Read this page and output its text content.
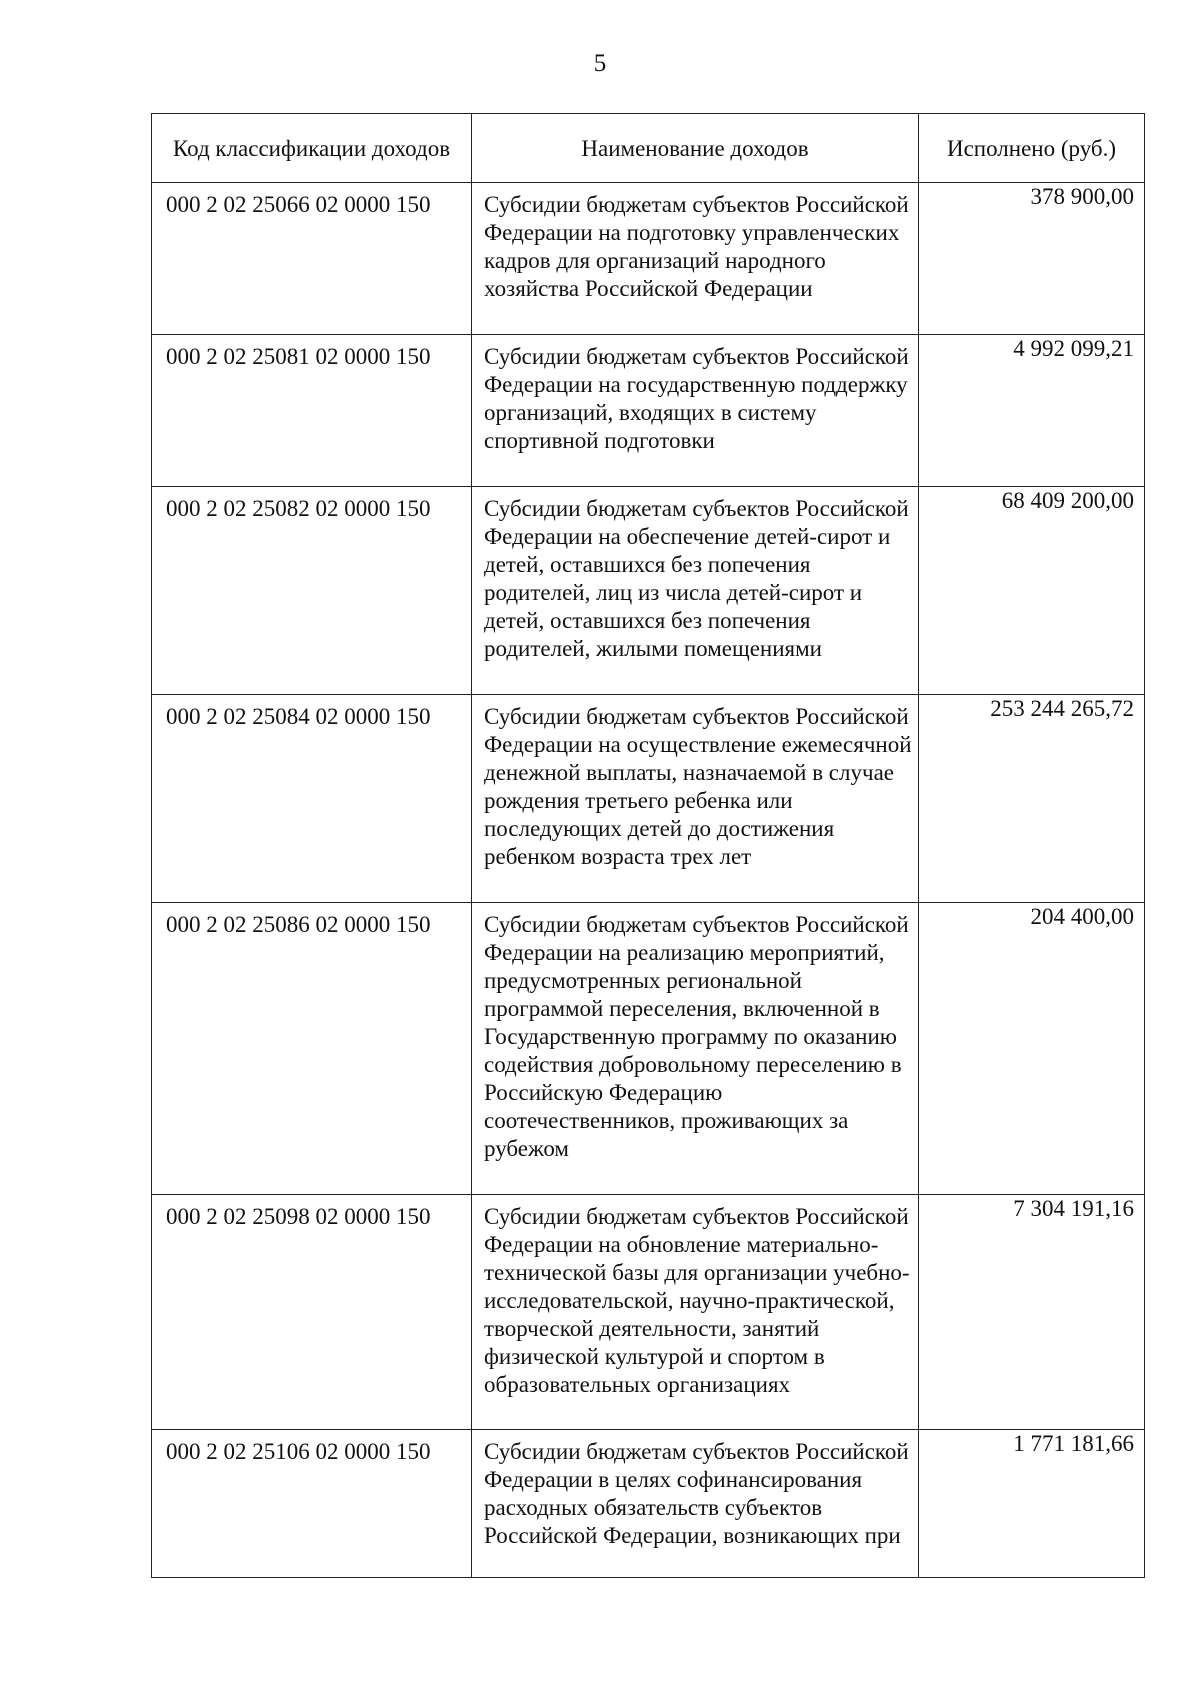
5
Код классификации доходов	Наименование доходов	Исполнено (руб.)
000 2 02 25066 02 0000 150	Субсидии бюджетам субъектов Российской Федерации на подготовку управленческих кадров для организаций народного хозяйства Российской Федерации	378 900,00
000 2 02 25081 02 0000 150	Субсидии бюджетам субъектов Российской Федерации на государственную поддержку организаций, входящих в систему спортивной подготовки	4 992 099,21
000 2 02 25082 02 0000 150	Субсидии бюджетам субъектов Российской Федерации на обеспечение детей-сирот и детей, оставшихся без попечения родителей, лиц из числа детей-сирот и детей, оставшихся без попечения родителей, жилыми помещениями	68 409 200,00
000 2 02 25084 02 0000 150	Субсидии бюджетам субъектов Российской Федерации на осуществление ежемесячной денежной выплаты, назначаемой в случае рождения третьего ребенка или последующих детей до достижения ребенком возраста трех лет	253 244 265,72
000 2 02 25086 02 0000 150	Субсидии бюджетам субъектов Российской Федерации на реализацию мероприятий, предусмотренных региональной программой переселения, включенной в Государственную программу по оказанию содействия добровольному переселению в Российскую Федерацию соотечественников, проживающих за рубежом	204 400,00
000 2 02 25098 02 0000 150	Субсидии бюджетам субъектов Российской Федерации на обновление материально-технической базы для организации учебно-исследовательской, научно-практической, творческой деятельности, занятий физической культурой и спортом в образовательных организациях	7 304 191,16
000 2 02 25106 02 0000 150	Субсидии бюджетам субъектов Российской Федерации в целях софинансирования расходных обязательств субъектов Российской Федерации, возникающих при	1 771 181,66
